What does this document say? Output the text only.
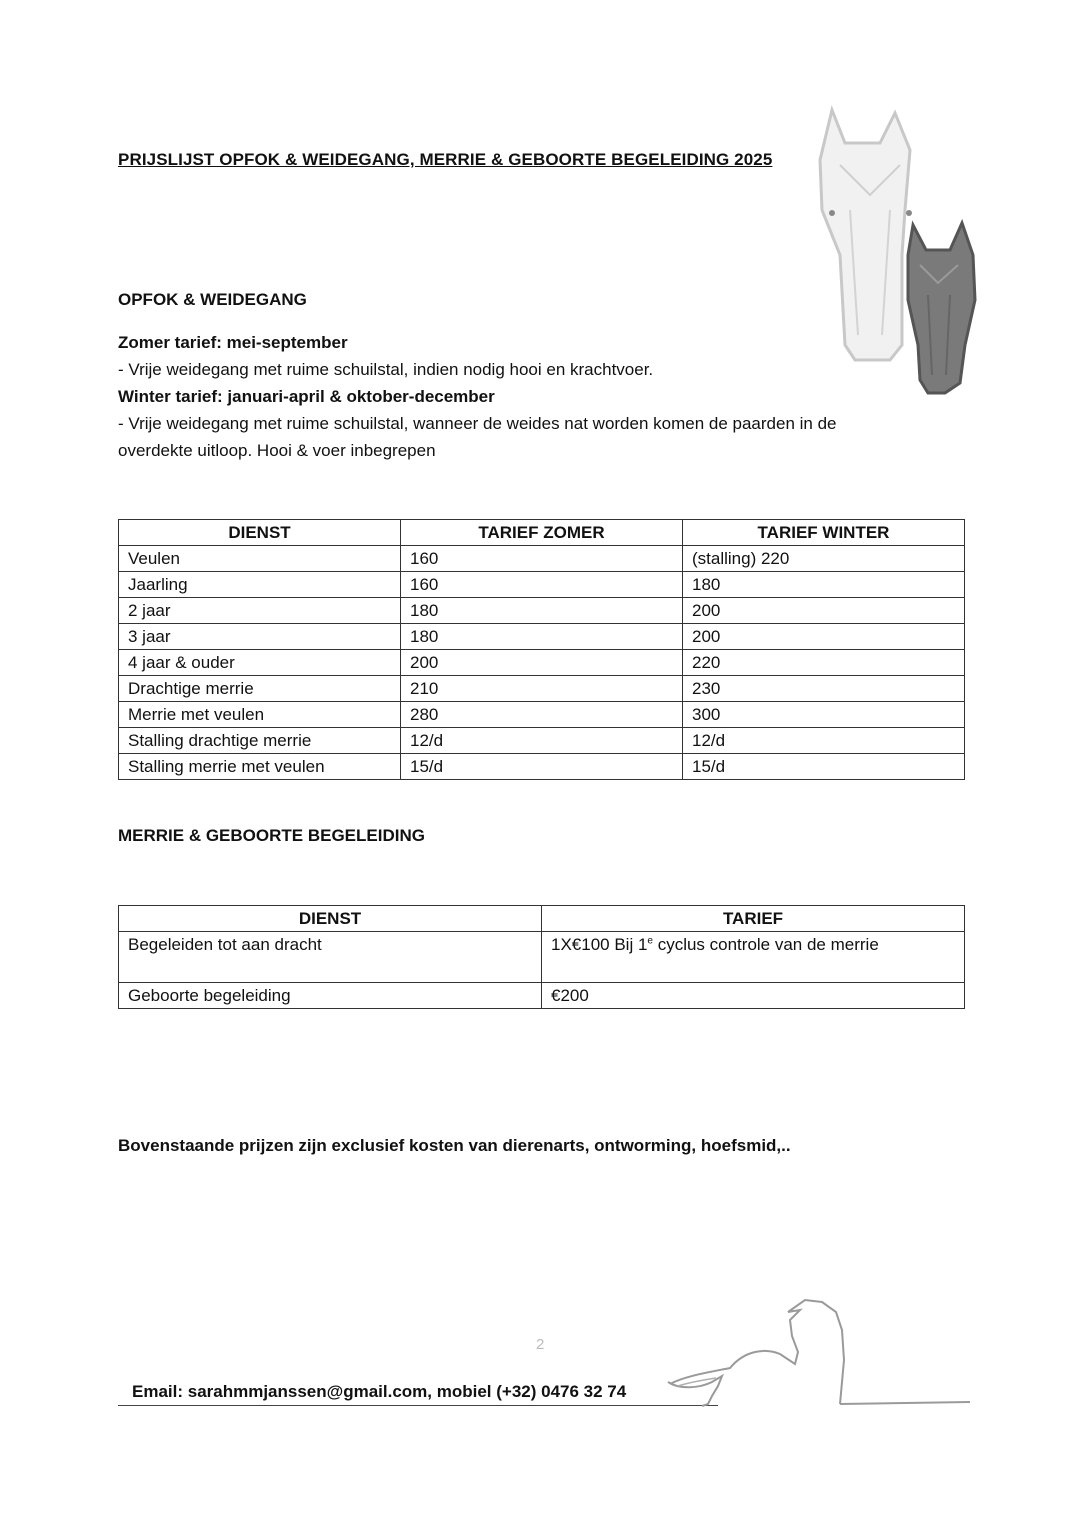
PRIJSLIJST OPFOK & WEIDEGANG, MERRIE & GEBOORTE BEGELEIDING 2025
OPFOK & WEIDEGANG

Zomer tarief: mei-september

- Vrije weidegang met ruime schuilstal, indien nodig hooi en krachtvoer.

Winter tarief: januari-april & oktober-december

- Vrije weidegang met ruime schuilstal, wanneer de weides nat worden komen de paarden in de

overdekte uitloop. Hooi & voer inbegrepen

DIENST	TARIEF ZOMER	TARIEF WINTER
Veulen	160	(stalling) 220
Jaarling	160	180
2 jaar	180	200
3 jaar	180	200
4 jaar & ouder	200	220
Drachtige merrie	210	230
Merrie met veulen	280	300
Stalling drachtige merrie	12/d	12/d
Stalling merrie met veulen	15/d	15/d
MERRIE & GEBOORTE BEGELEIDING
DIENST	TARIEF
Begeleiden tot aan dracht	1X€100 Bij 1e cyclus controle van de merrie
Geboorte begeleiding	€200

Bovenstaande prijzen zijn exclusief kosten van dierenarts, ontworming, hoefsmid,..

2
Email: sarahmmjanssen@gmail.com, mobiel (+32) 0476 32 74
